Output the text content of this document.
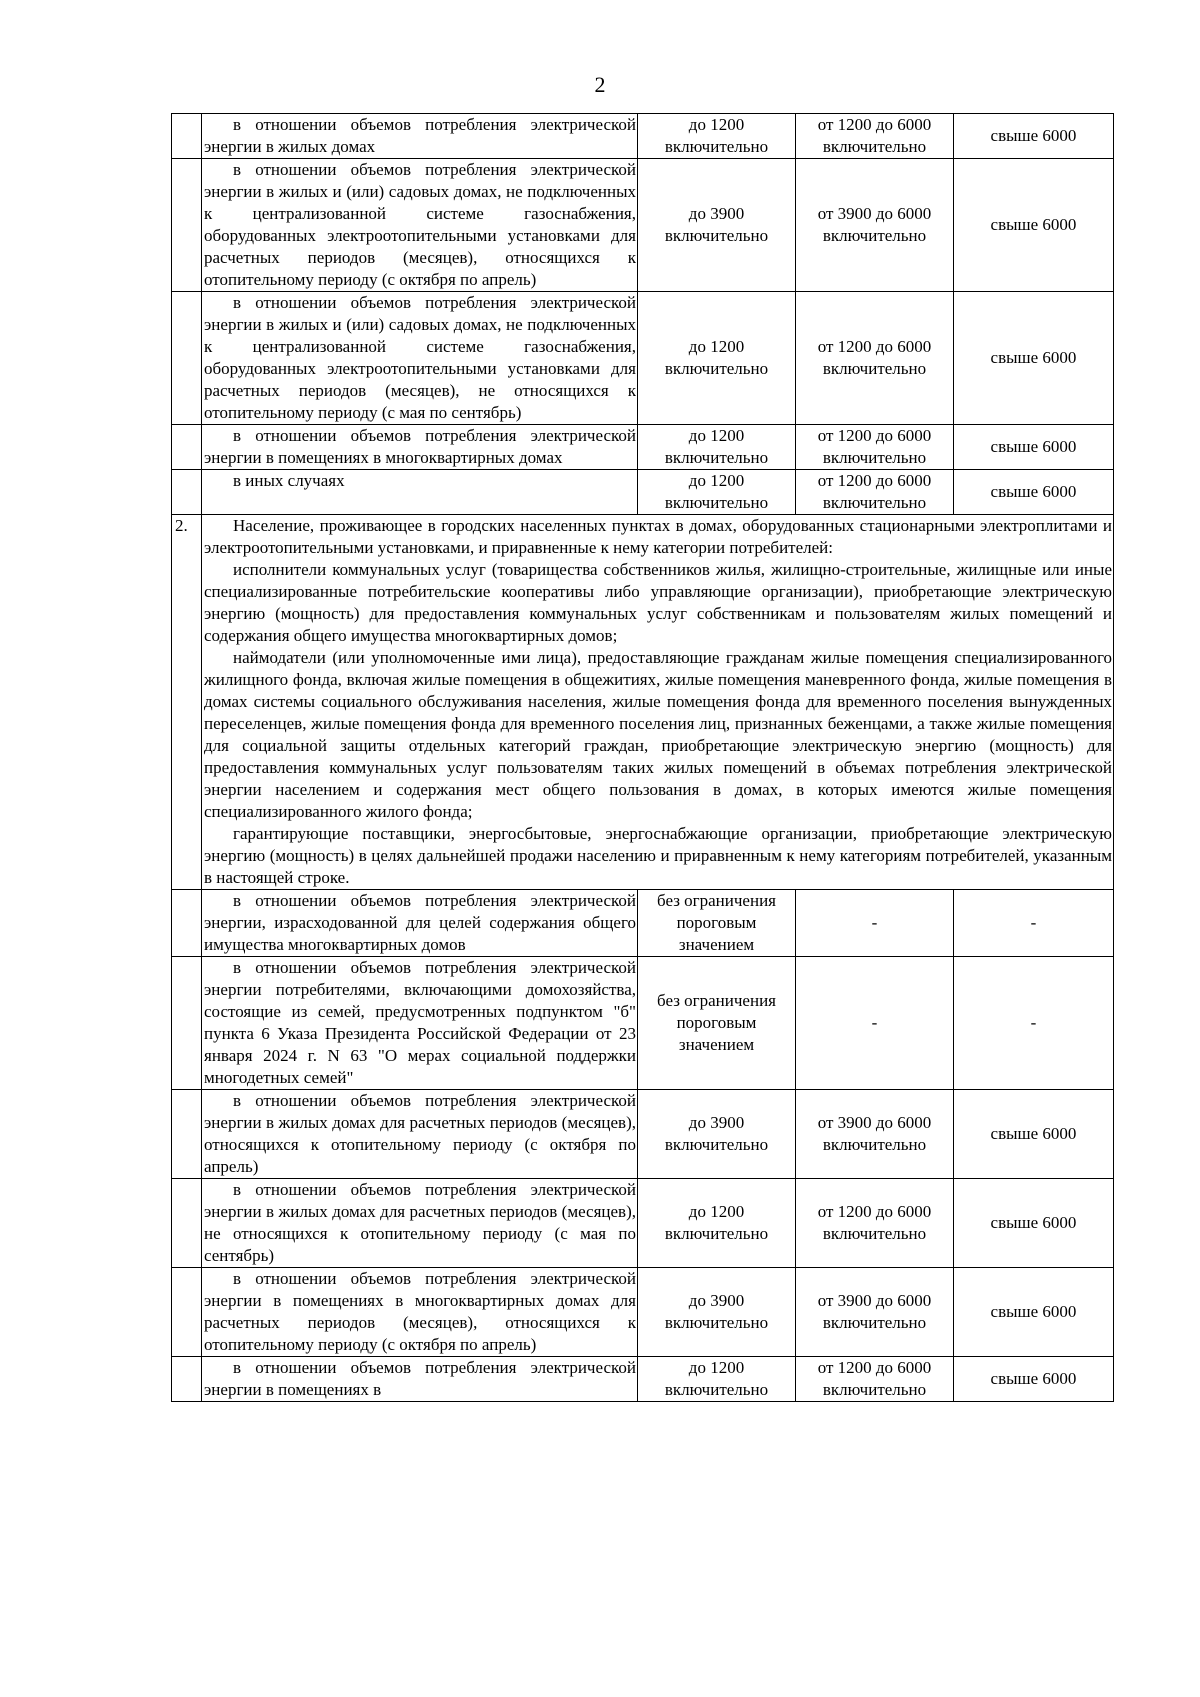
2

	в отношении объемов потребления электрической энергии в жилых домах	до 1200 включительно	от 1200 до 6000 включительно	свыше 6000

	в отношении объемов потребления электрической энергии в жилых и (или) садовых домах, не подключенных к централизованной системе газоснабжения, оборудованных электроотопительными установками для расчетных периодов (месяцев), относящихся к отопительному периоду (с октября по апрель)	до 3900 включительно	от 3900 до 6000 включительно	свыше 6000

	в отношении объемов потребления электрической энергии в жилых и (или) садовых домах, не подключенных к централизованной системе газоснабжения, оборудованных электроотопительными установками для расчетных периодов (месяцев), не относящихся к отопительному периоду (с мая по сентябрь)	до 1200 включительно	от 1200 до 6000 включительно	свыше 6000

	в отношении объемов потребления электрической энергии в помещениях в многоквартирных домах	до 1200 включительно	от 1200 до 6000 включительно	свыше 6000

	в иных случаях	до 1200 включительно	от 1200 до 6000 включительно	свыше 6000

2.	Население, проживающее в городских населенных пунктах в домах, оборудованных стационарными электроплитами и электроотопительными установками, и приравненные к нему категории потребителей:

исполнители коммунальных услуг (товарищества собственников жилья, жилищно-строительные, жилищные или иные специализированные потребительские кооперативы либо управляющие организации), приобретающие электрическую энергию (мощность) для предоставления коммунальных услуг собственникам и пользователям жилых помещений и содержания общего имущества многоквартирных домов;

наймодатели (или уполномоченные ими лица), предоставляющие гражданам жилые помещения специализированного жилищного фонда, включая жилые помещения в общежитиях, жилые помещения маневренного фонда, жилые помещения в домах системы социального обслуживания населения, жилые помещения фонда для временного поселения вынужденных переселенцев, жилые помещения фонда для временного поселения лиц, признанных беженцами, а также жилые помещения для социальной защиты отдельных категорий граждан, приобретающие электрическую энергию (мощность) для предоставления коммунальных услуг пользователям таких жилых помещений в объемах потребления электрической энергии населением и содержания мест общего пользования в домах, в которых имеются жилые помещения специализированного жилого фонда;

гарантирующие поставщики, энергосбытовые, энергоснабжающие организации, приобретающие электрическую энергию (мощность) в целях дальнейшей продажи населению и приравненным к нему категориям потребителей, указанным в настоящей строке.			

	в отношении объемов потребления электрической энергии, израсходованной для целей содержания общего имущества многоквартирных домов	без ограничения пороговым значением	-	-

	в отношении объемов потребления электрической энергии потребителями, включающими домохозяйства, состоящие из семей, предусмотренных подпунктом "б" пункта 6 Указа Президента Российской Федерации от 23 января 2024 г. N 63 "О мерах социальной поддержки многодетных семей"	без ограничения пороговым значением	-	-

	в отношении объемов потребления электрической энергии в жилых домах для расчетных периодов (месяцев), относящихся к отопительному периоду (с октября по апрель)	до 3900 включительно	от 3900 до 6000 включительно	свыше 6000

	в отношении объемов потребления электрической энергии в жилых домах для расчетных периодов (месяцев), не относящихся к отопительному периоду (с мая по сентябрь)	до 1200 включительно	от 1200 до 6000 включительно	свыше 6000

	в отношении объемов потребления электрической энергии в помещениях в многоквартирных домах для расчетных периодов (месяцев), относящихся к отопительному периоду (с октября по апрель)	до 3900 включительно	от 3900 до 6000 включительно	свыше 6000

	в отношении объемов потребления электрической энергии в помещениях в	до 1200 включительно	от 1200 до 6000 включительно	свыше 6000
